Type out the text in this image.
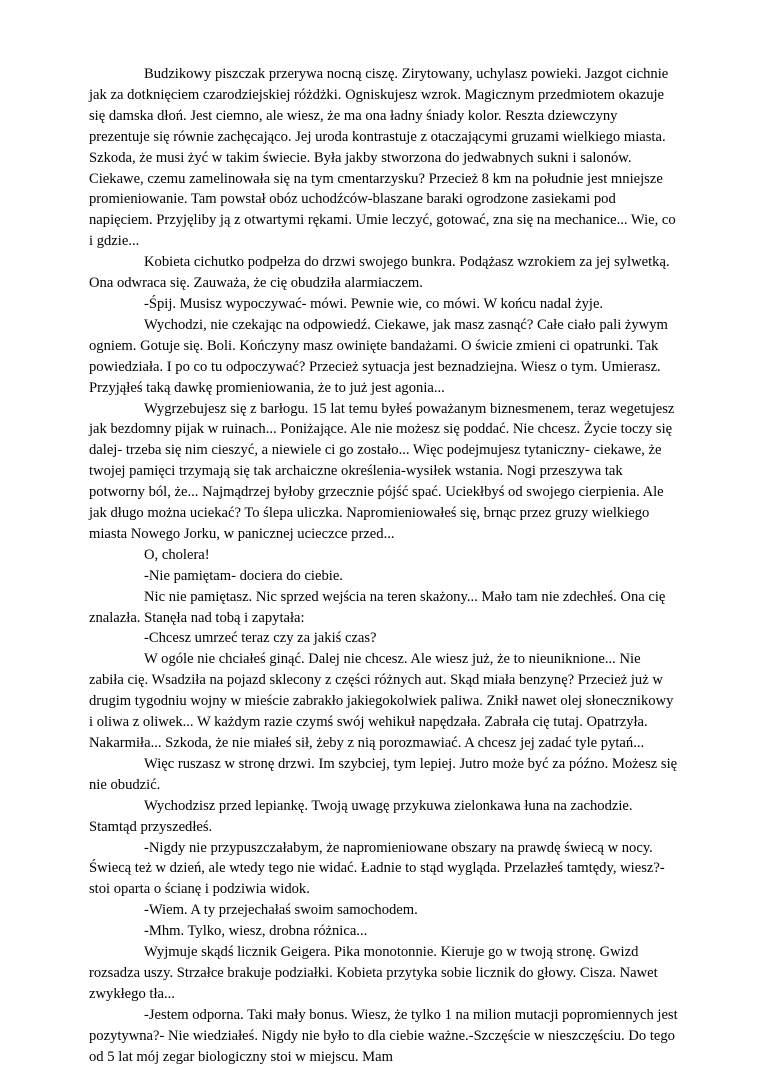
Budzikowy piszczak przerywa nocną ciszę. Zirytowany, uchylasz powieki. Jazgot cichnie jak za dotknięciem czarodziejskiej różdżki. Ogniskujesz wzrok. Magicznym przedmiotem okazuje się damska dłoń. Jest ciemno, ale wiesz, że ma ona ładny śniady kolor. Reszta dziewczyny prezentuje się równie zachęcająco. Jej uroda kontrastuje z otaczającymi gruzami wielkiego miasta. Szkoda, że musi żyć w takim świecie. Była jakby stworzona do jedwabnych sukni i salonów. Ciekawe, czemu zamelinowała się na tym cmentarzysku? Przecież 8 km na południe jest mniejsze promieniowanie. Tam powstał obóz uchodźców-blaszane baraki ogrodzone zasiekami pod napięciem. Przyjęliby ją z otwartymi rękami. Umie leczyć, gotować, zna się na mechanice... Wie, co i gdzie...

Kobieta cichutko podpełza do drzwi swojego bunkra. Podążasz wzrokiem za jej sylwetką. Ona odwraca się. Zauważa, że cię obudziła alarmiaczem.

-Śpij. Musisz wypoczywać- mówi. Pewnie wie, co mówi. W końcu nadal żyje.

Wychodzi, nie czekając na odpowiedź. Ciekawe, jak masz zasnąć? Całe ciało pali żywym ogniem. Gotuje się. Boli. Kończyny masz owinięte bandażami. O świcie zmieni ci opatrunki. Tak powiedziała. I po co tu odpoczywać? Przecież sytuacja jest beznadziejna. Wiesz o tym. Umierasz. Przyjąłeś taką dawkę promieniowania, że to już jest agonia...

Wygrzebujesz się z barłogu. 15 lat temu byłeś poważanym biznesmenem, teraz wegetujesz jak bezdomny pijak w ruinach... Poniżające. Ale nie możesz się poddać. Nie chcesz. Życie toczy się dalej- trzeba się nim cieszyć, a niewiele ci go zostało... Więc podejmujesz tytaniczny- ciekawe, że twojej pamięci trzymają się tak archaiczne określenia-wysiłek wstania. Nogi przeszywa tak potworny ból, że... Najmądrzej byłoby grzecznie pójść spać. Uciekłbyś od swojego cierpienia. Ale jak długo można uciekać? To ślepa uliczka. Napromieniowałeś się, brnąc przez gruzy wielkiego miasta Nowego Jorku, w panicznej ucieczce przed...

O, cholera!

-Nie pamiętam- dociera do ciebie.

Nic nie pamiętasz. Nic sprzed wejścia na teren skażony... Mało tam nie zdechłeś. Ona cię znalazła. Stanęła nad tobą i zapytała:

-Chcesz umrzeć teraz czy za jakiś czas?

W ogóle nie chciałeś ginąć. Dalej nie chcesz. Ale wiesz już, że to nieuniknione... Nie zabiła cię. Wsadziła na pojazd sklecony z części różnych aut. Skąd miała benzynę? Przecież już w drugim tygodniu wojny w mieście zabrakło jakiegokolwiek paliwa. Znikł nawet olej słonecznikowy i oliwa z oliwek... W każdym razie czymś swój wehikuł napędzała. Zabrała cię tutaj. Opatrzyła. Nakarmiła... Szkoda, że nie miałeś sił, żeby z nią porozmawiać. A chcesz jej zadać tyle pytań...

Więc ruszasz w stronę drzwi. Im szybciej, tym lepiej. Jutro może być za późno. Możesz się nie obudzić.

Wychodzisz przed lepiankę. Twoją uwagę przykuwa zielonkawa łuna na zachodzie. Stamtąd przyszedłeś.

-Nigdy nie przypuszczałabym, że napromieniowane obszary na prawdę świecą w nocy. Świecą też w dzień, ale wtedy tego nie widać. Ładnie to stąd wygląda. Przelazłeś tamtędy, wiesz?- stoi oparta o ścianę i podziwia widok.

-Wiem. A ty przejechałaś swoim samochodem.

-Mhm. Tylko, wiesz, drobna różnica...

Wyjmuje skądś licznik Geigera. Pika monotonnie. Kieruje go w twoją stronę. Gwizd rozsadza uszy. Strzałce brakuje podziałki. Kobieta przytyka sobie licznik do głowy. Cisza. Nawet zwykłego tła...

-Jestem odporna. Taki mały bonus. Wiesz, że tylko 1 na milion mutacji popromiennych jest pozytywna?- Nie wiedziałeś. Nigdy nie było to dla ciebie ważne.-Szczęście w nieszczęściu. Do tego od 5 lat mój zegar biologiczny stoi w miejscu. Mam
